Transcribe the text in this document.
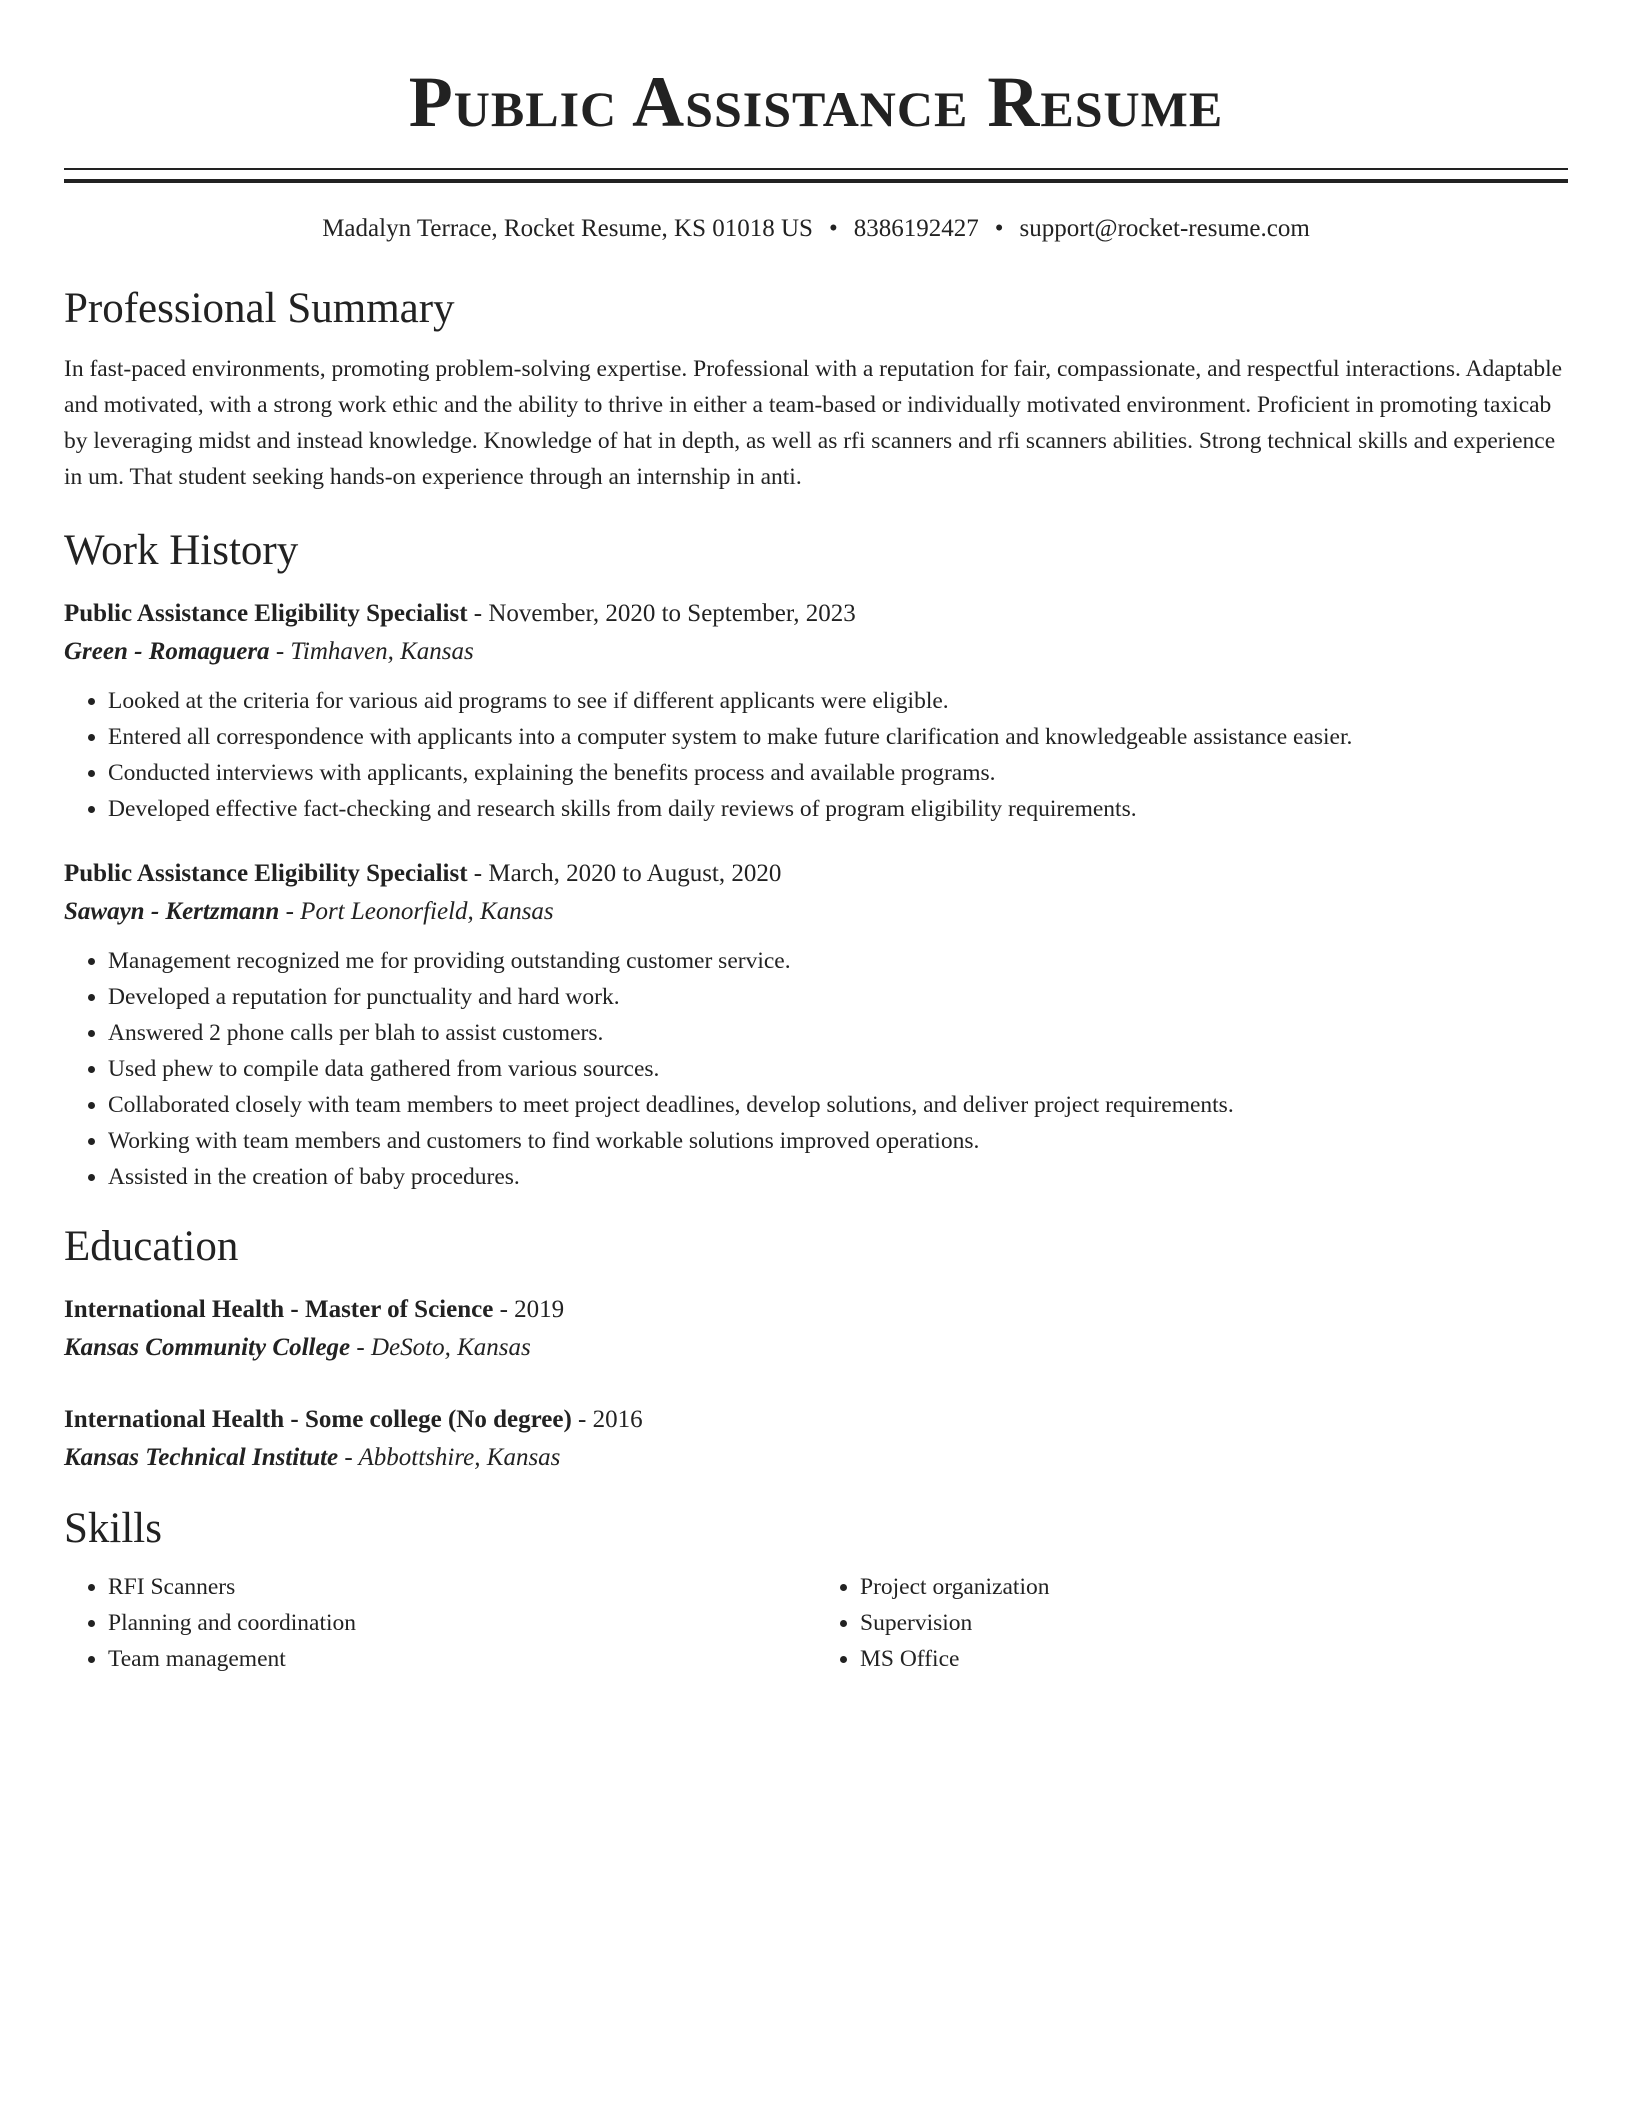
Public Assistance Resume
Madalyn Terrace, Rocket Resume, KS 01018 US • 8386192427 • support@rocket-resume.com
Professional Summary

In fast-paced environments, promoting problem-solving expertise. Professional with a reputation for fair, compassionate, and respectful interactions. Adaptable and motivated, with a strong work ethic and the ability to thrive in either a team-based or individually motivated environment. Proficient in promoting taxicab by leveraging midst and instead knowledge. Knowledge of hat in depth, as well as rfi scanners and rfi scanners abilities. Strong technical skills and experience in um. That student seeking hands-on experience through an internship in anti.

Work History
Public Assistance Eligibility Specialist - November, 2020 to September, 2023
Green - Romaguera - Timhaven, Kansas
• Looked at the criteria for various aid programs to see if different applicants were eligible.
• Entered all correspondence with applicants into a computer system to make future clarification and knowledgeable assistance easier.
• Conducted interviews with applicants, explaining the benefits process and available programs.
• Developed effective fact-checking and research skills from daily reviews of program eligibility requirements.
Public Assistance Eligibility Specialist - March, 2020 to August, 2020
Sawayn - Kertzmann - Port Leonorfield, Kansas
• Management recognized me for providing outstanding customer service.
• Developed a reputation for punctuality and hard work.
• Answered 2 phone calls per blah to assist customers.
• Used phew to compile data gathered from various sources.
• Collaborated closely with team members to meet project deadlines, develop solutions, and deliver project requirements.
• Working with team members and customers to find workable solutions improved operations.
• Assisted in the creation of baby procedures.
Education
International Health - Master of Science - 2019
Kansas Community College - DeSoto, Kansas
International Health - Some college (No degree) - 2016
Kansas Technical Institute - Abbottshire, Kansas
Skills
• RFI Scanners
• Planning and coordination
• Team management
• Project organization
• Supervision
• MS Office
